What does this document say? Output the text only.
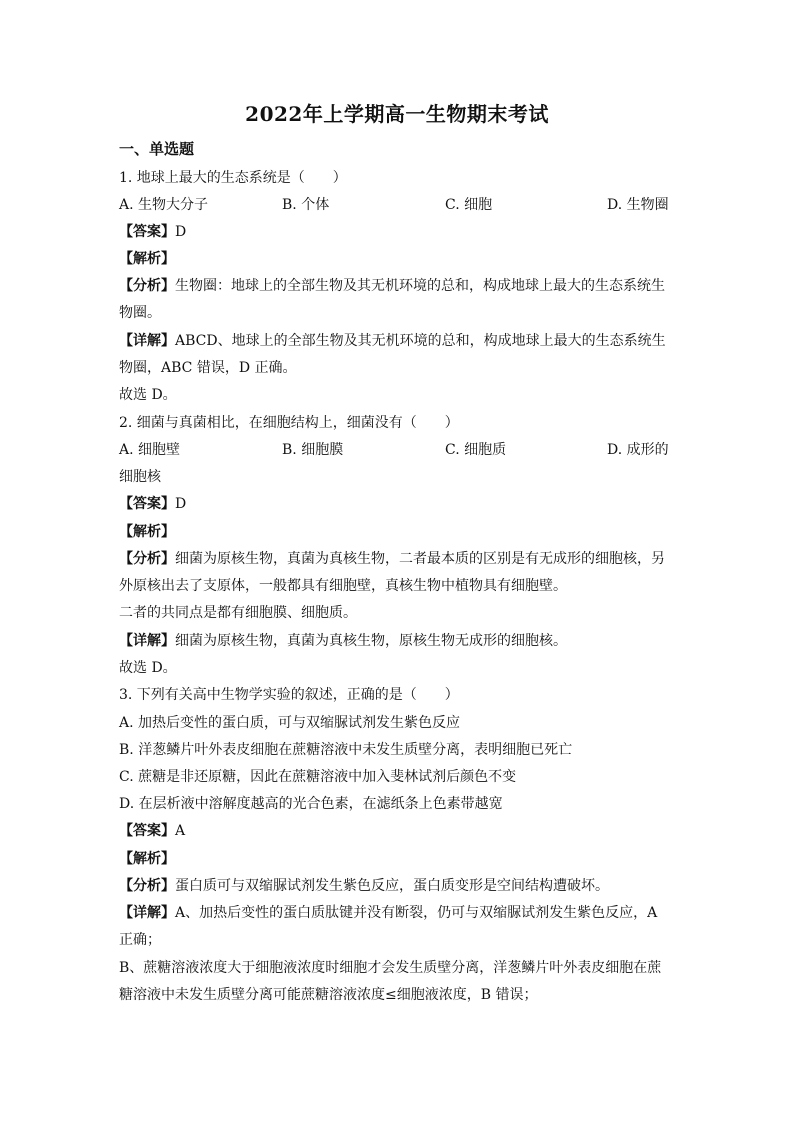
2022年上学期高一生物期末考试
一、单选题
1. 地球上最大的生态系统是（　　）
A. 生物大分子	B. 个体	C. 细胞	D. 生物圈
【答案】D
【解析】
【分析】生物圈：地球上的全部生物及其无机环境的总和，构成地球上最大的生态系统生
物圈。
【详解】ABCD、地球上的全部生物及其无机环境的总和，构成地球上最大的生态系统生
物圈，ABC 错误，D 正确。
故选 D。
2. 细菌与真菌相比，在细胞结构上，细菌没有（　　）
A. 细胞壁	B. 细胞膜	C. 细胞质	D. 成形的
细胞核
【答案】D
【解析】
【分析】细菌为原核生物，真菌为真核生物，二者最本质的区别是有无成形的细胞核，另
外原核出去了支原体，一般都具有细胞壁，真核生物中植物具有细胞壁。
二者的共同点是都有细胞膜、细胞质。
【详解】细菌为原核生物，真菌为真核生物，原核生物无成形的细胞核。
故选 D。
3. 下列有关高中生物学实验的叙述，正确的是（　　）
A. 加热后变性的蛋白质，可与双缩脲试剂发生紫色反应
B. 洋葱鳞片叶外表皮细胞在蔗糖溶液中未发生质壁分离，表明细胞已死亡
C. 蔗糖是非还原糖，因此在蔗糖溶液中加入斐林试剂后颜色不变
D. 在层析液中溶解度越高的光合色素，在滤纸条上色素带越宽
【答案】A
【解析】
【分析】蛋白质可与双缩脲试剂发生紫色反应，蛋白质变形是空间结构遭破坏。
【详解】A、加热后变性的蛋白质肽键并没有断裂，仍可与双缩脲试剂发生紫色反应，A
正确；
B、蔗糖溶液浓度大于细胞液浓度时细胞才会发生质壁分离，洋葱鳞片叶外表皮细胞在蔗
糖溶液中未发生质壁分离可能蔗糖溶液浓度≤细胞液浓度，B 错误；
